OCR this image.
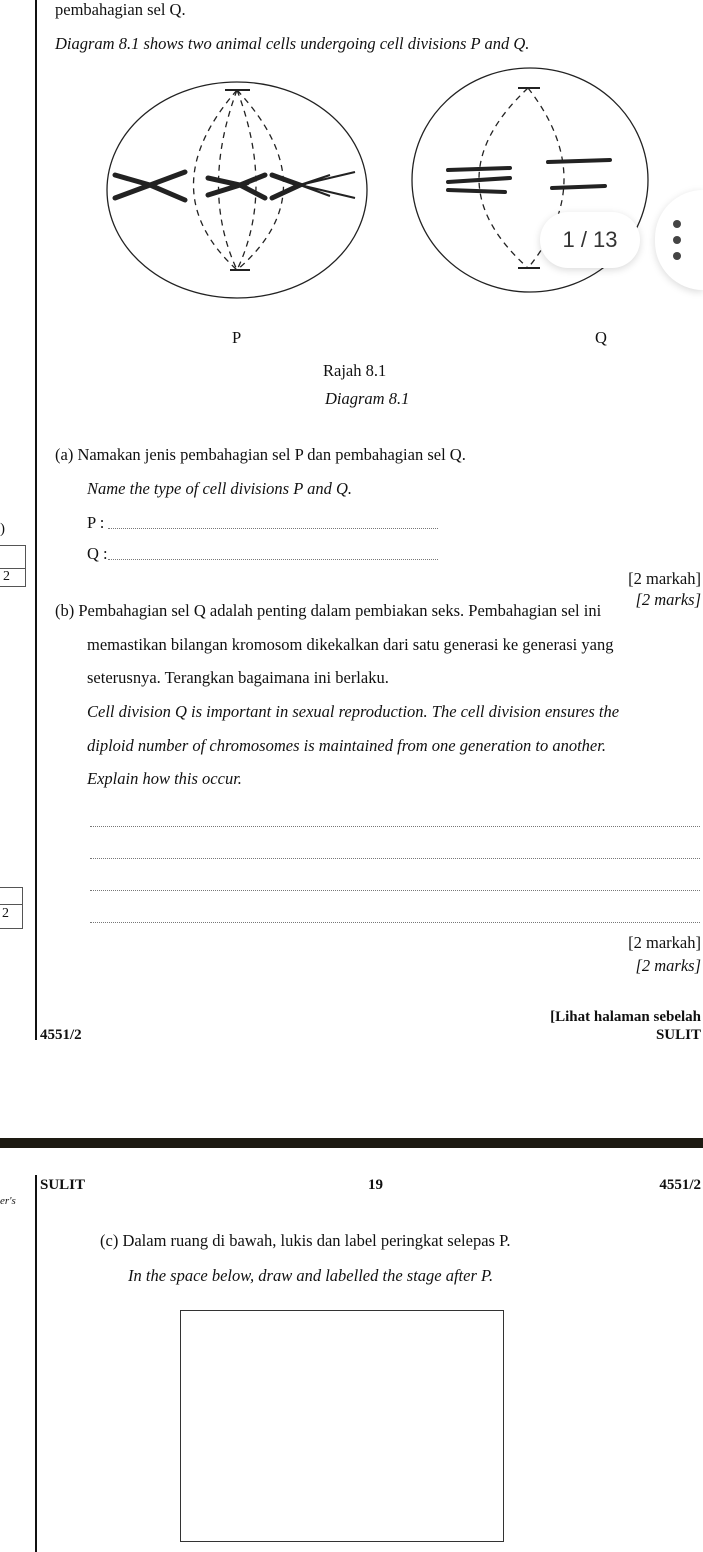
pembahagian sel Q.
Diagram 8.1 shows two animal cells undergoing cell divisions P and Q.
1 / 13
P	Q
Rajah 8.1
Diagram 8.1
(a) Namakan jenis pembahagian sel P dan pembahagian sel Q.
Name the type of cell divisions P and Q.
P :
Q :
[2 markah]
[2 marks]
)
2
(b) Pembahagian sel Q adalah penting dalam pembiakan seks. Pembahagian sel ini
memastikan bilangan kromosom dikekalkan dari satu generasi ke generasi yang
seterusnya. Terangkan bagaimana ini berlaku.
Cell division Q is important in sexual reproduction. The cell division ensures the
diploid number of chromosomes is maintained from one generation to another.
Explain how this occur.
[2 markah]
[2 marks]
2
[Lihat halaman sebelah
4551/2	SULIT
SULIT	19	4551/2
er's
(c) Dalam ruang di bawah, lukis dan label peringkat selepas P.
In the space below, draw and labelled the stage after P.
